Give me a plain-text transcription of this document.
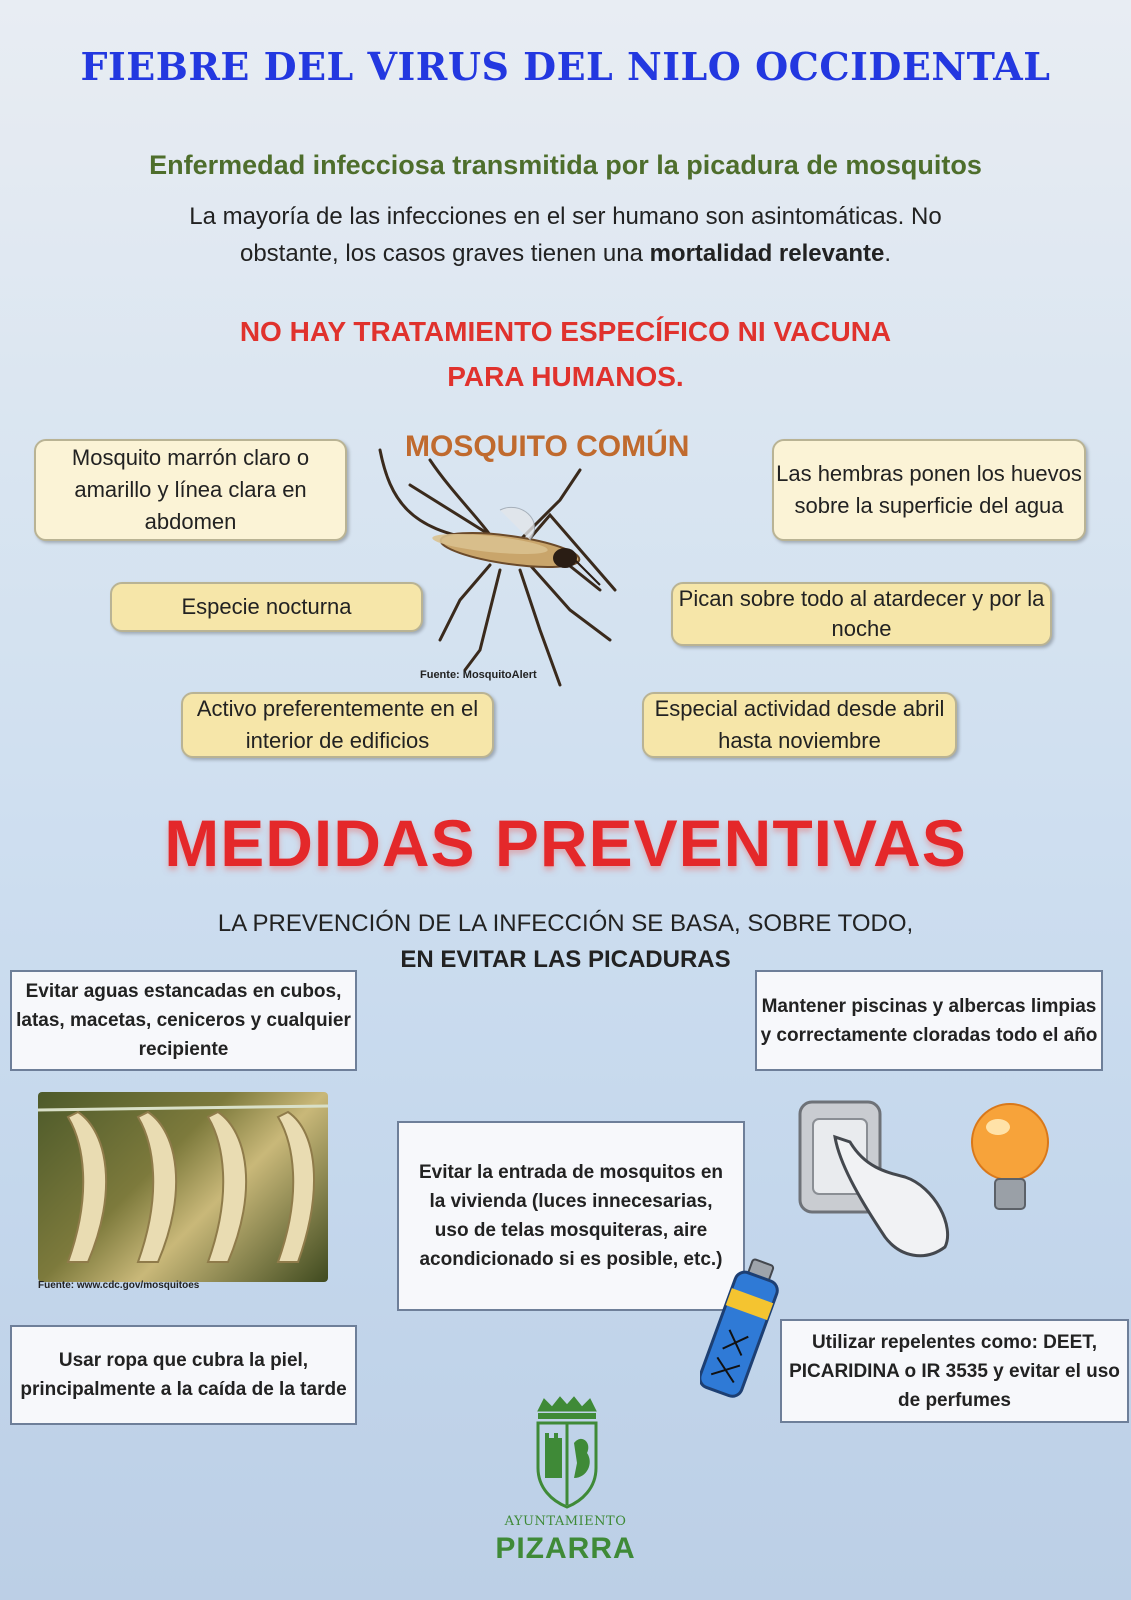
FIEBRE DEL VIRUS DEL NILO OCCIDENTAL
Enfermedad infecciosa transmitida por la picadura de mosquitos
La mayoría de las infecciones en el ser humano son asintomáticas. No
obstante, los casos graves tienen una mortalidad relevante.
NO HAY TRATAMIENTO ESPECÍFICO NI VACUNA
PARA HUMANOS.
MOSQUITO COMÚN
Fuente: MosquitoAlert
Mosquito marrón claro o amarillo y línea clara en abdomen
Las hembras ponen los huevos sobre la superficie del agua
Especie nocturna	Pican sobre todo al atardecer y por la noche
Activo preferentemente en el interior de edificios
Especial actividad desde abril hasta noviembre
MEDIDAS PREVENTIVAS
LA PREVENCIÓN DE LA INFECCIÓN SE BASA, SOBRE TODO,
EN EVITAR LAS PICADURAS
Evitar aguas estancadas en cubos, latas, macetas, ceniceros y cualquier recipiente
Mantener piscinas y albercas limpias y correctamente cloradas todo el año
Fuente: www.cdc.gov/mosquitoes
Evitar la entrada de mosquitos en la vivienda (luces innecesarias, uso de telas mosquiteras, aire acondicionado si es posible, etc.)
Usar ropa que cubra la piel, principalmente a la caída de la tarde
Utilizar repelentes como: DEET, PICARIDINA o IR 3535 y evitar el uso de perfumes
AYUNTAMIENTO
PIZARRA
